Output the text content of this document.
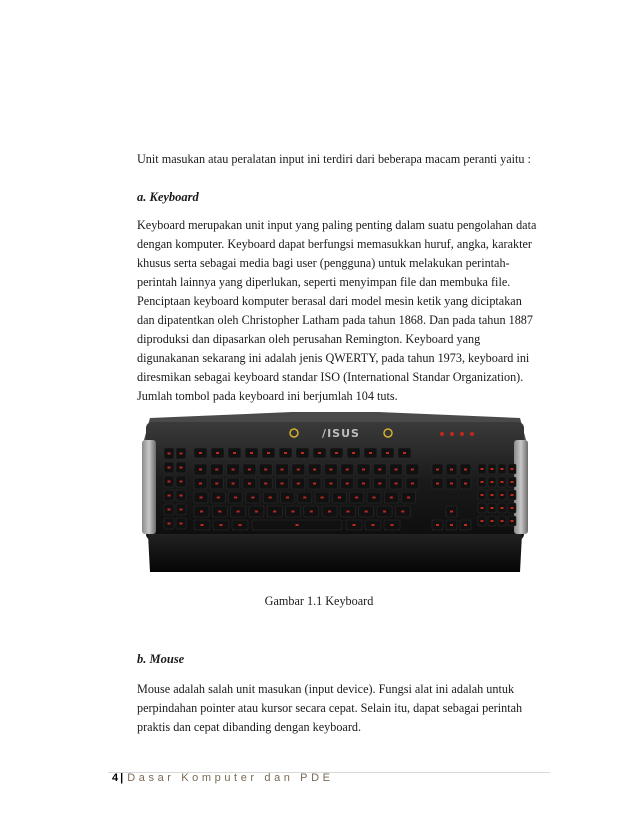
Unit masukan atau peralatan input ini terdiri dari beberapa macam peranti yaitu :
a. Keyboard
Keyboard merupakan unit input yang paling penting dalam suatu pengolahan data
dengan komputer. Keyboard dapat berfungsi memasukkan huruf, angka, karakter
khusus serta sebagai media bagi user (pengguna) untuk melakukan perintah-
perintah lainnya yang diperlukan, seperti menyimpan file dan membuka file.
Penciptaan keyboard komputer berasal dari model mesin ketik yang diciptakan
dan dipatentkan oleh Christopher Latham pada tahun 1868. Dan pada tahun 1887
diproduksi dan dipasarkan oleh perusahan Remington. Keyboard yang
digunakanan sekarang ini adalah jenis QWERTY, pada tahun 1973, keyboard ini
diresmikan sebagai keyboard standar ISO (International Standar Organization).
Jumlah tombol pada keyboard ini berjumlah 104 tuts.
/ISUS
Gambar 1.1 Keyboard
b. Mouse
Mouse adalah salah unit masukan (input device). Fungsi alat ini adalah untuk
perpindahan pointer atau kursor secara cepat. Selain itu, dapat sebagai perintah
praktis dan cepat dibanding dengan keyboard.
4 | Dasar Komputer dan PDE
